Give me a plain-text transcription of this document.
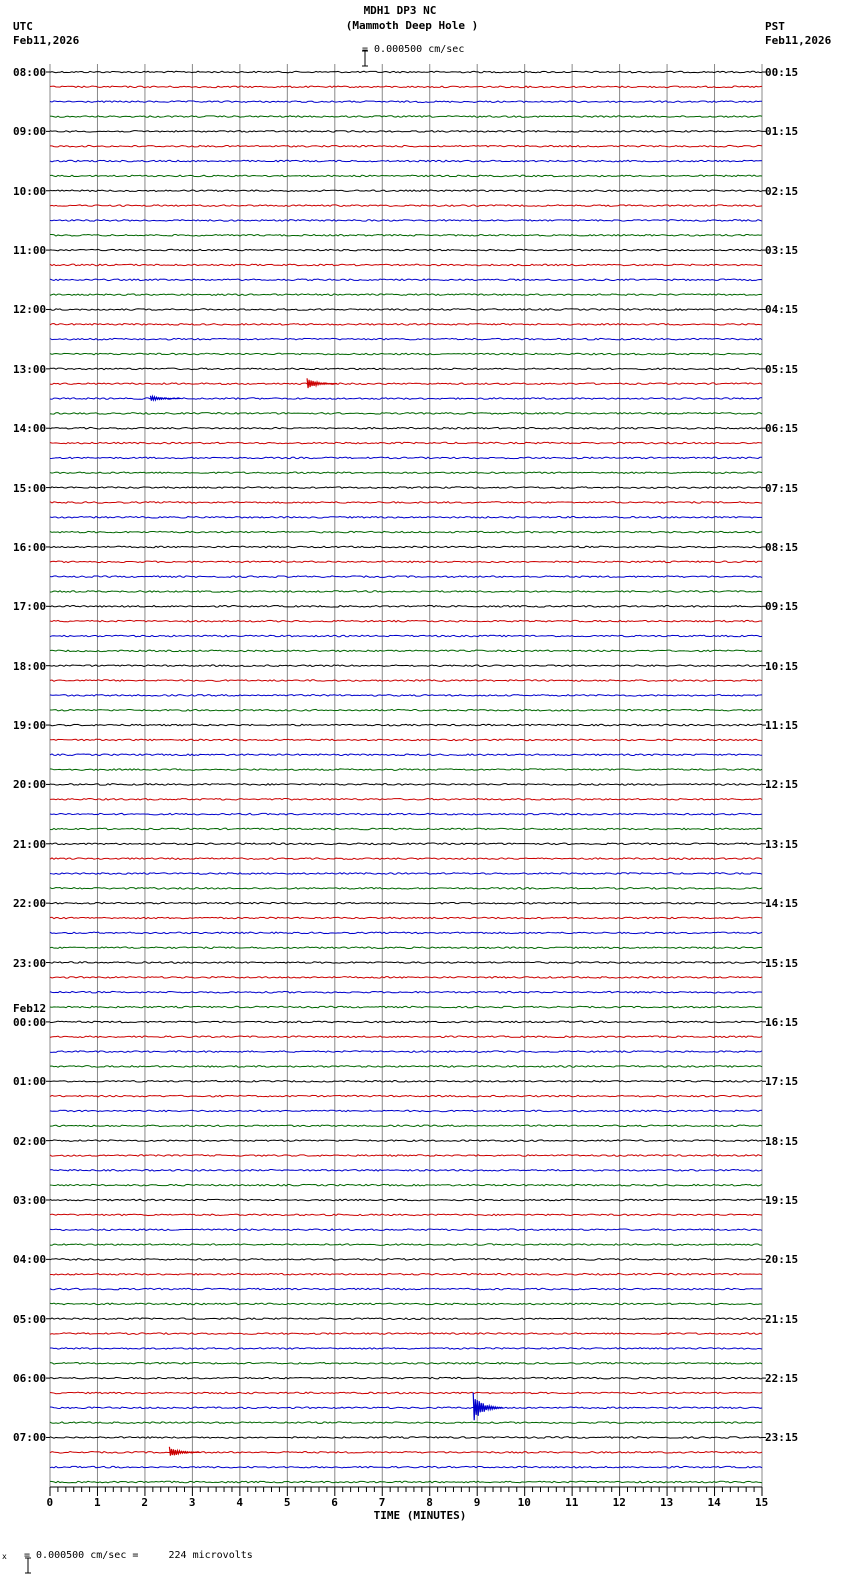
UTC
Feb11,2026
MDH1 DP3 NC
(Mammoth Deep Hole )

= 0.000500 cm/sec
PST
Feb11,2026
08:00
09:00
10:00
11:00
12:00
13:00
14:00
15:00
16:00
17:00
18:00
19:00
20:00
21:00
22:00
23:00
00:00
01:00
02:00
03:00
04:00
05:00
06:00
07:00
00:15
01:15
02:15
03:15
04:15
05:15
06:15
07:15
08:15
09:15
10:15
11:15
12:15
13:15
14:15
15:15
16:15
17:15
18:15
19:15
20:15
21:15
22:15
23:15
Feb12
TIME (MINUTES)
0	1	2	3	4	5	6	7	8	9	10	11	12	13	14	15
x

= 0.000500 cm/sec =     224 microvolts
